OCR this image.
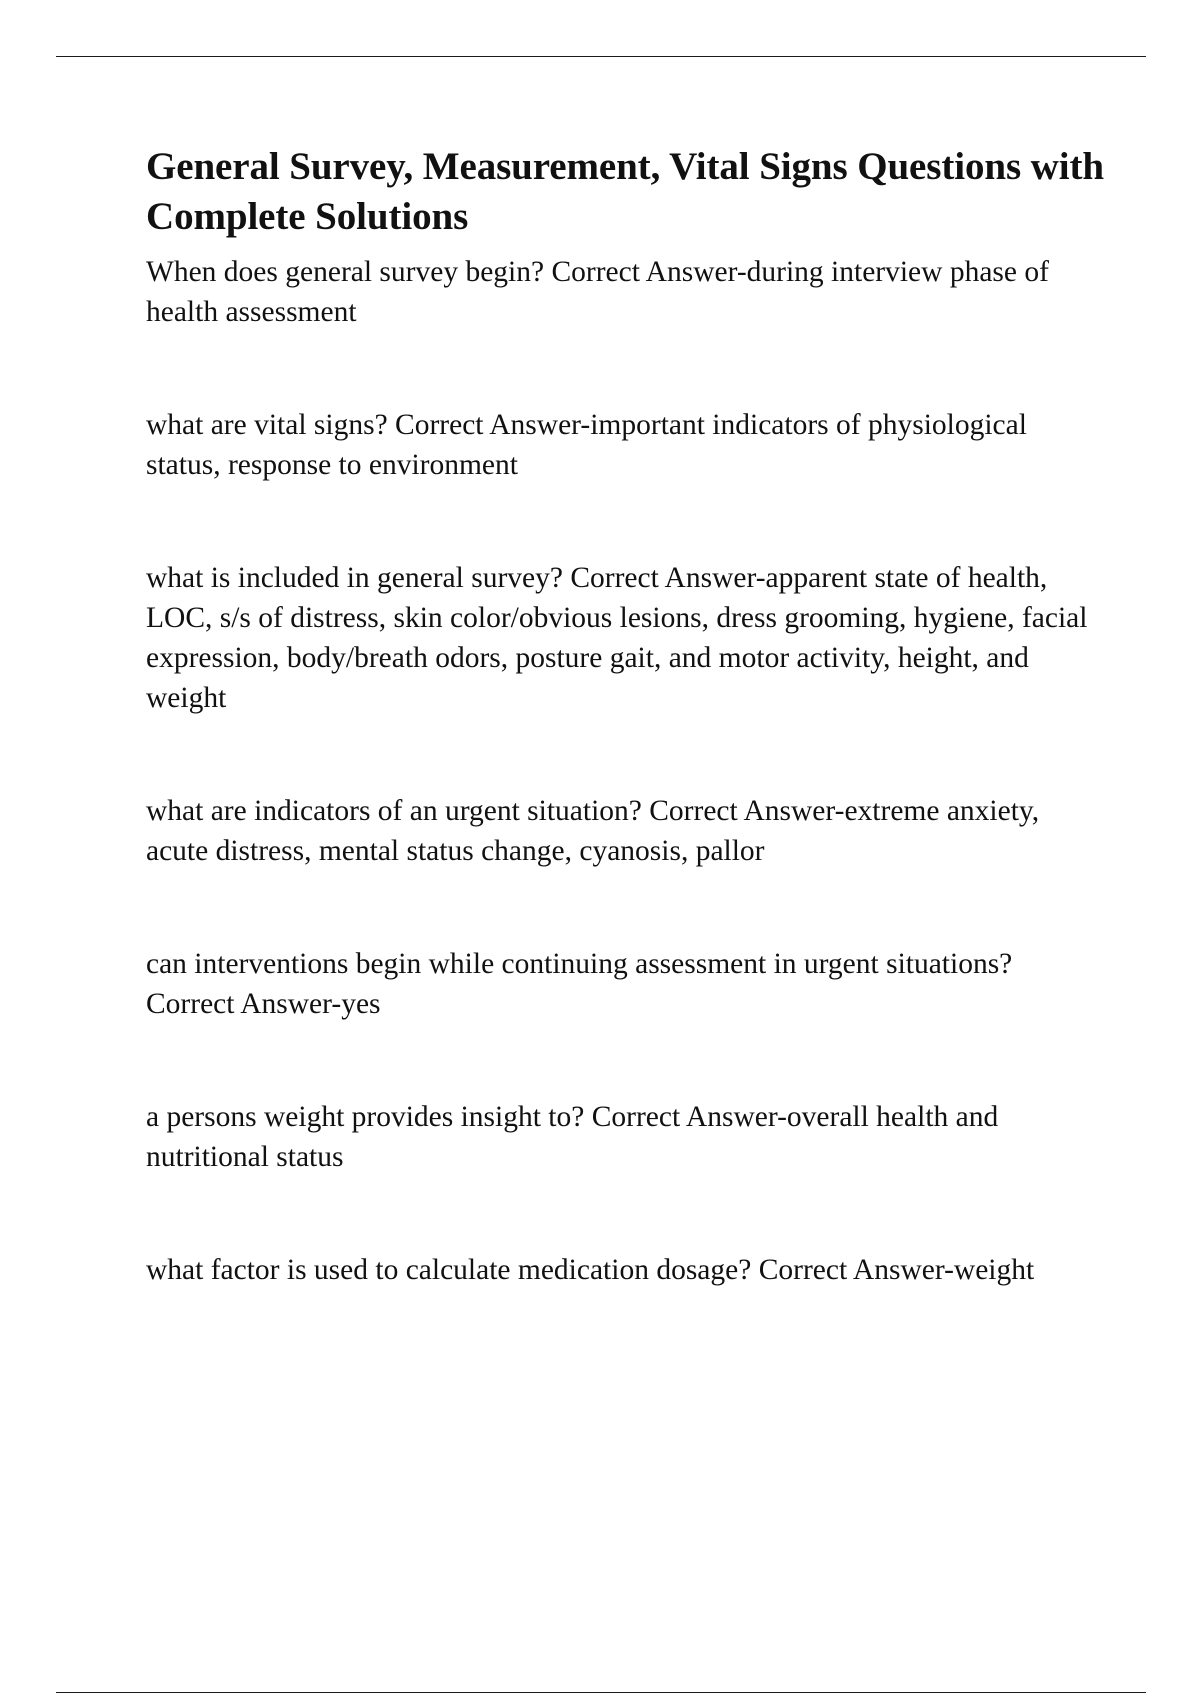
General Survey, Measurement, Vital Signs Questions with Complete Solutions
When does general survey begin? Correct Answer-during interview phase of health assessment
what are vital signs? Correct Answer-important indicators of physiological status, response to environment
what is included in general survey? Correct Answer-apparent state of health, LOC, s/s of distress, skin color/obvious lesions, dress grooming, hygiene, facial expression, body/breath odors, posture gait, and motor activity, height, and weight
what are indicators of an urgent situation? Correct Answer-extreme anxiety, acute distress, mental status change, cyanosis, pallor
can interventions begin while continuing assessment in urgent situations? Correct Answer-yes
a persons weight provides insight to? Correct Answer-overall health and nutritional status
what factor is used to calculate medication dosage? Correct Answer-weight
